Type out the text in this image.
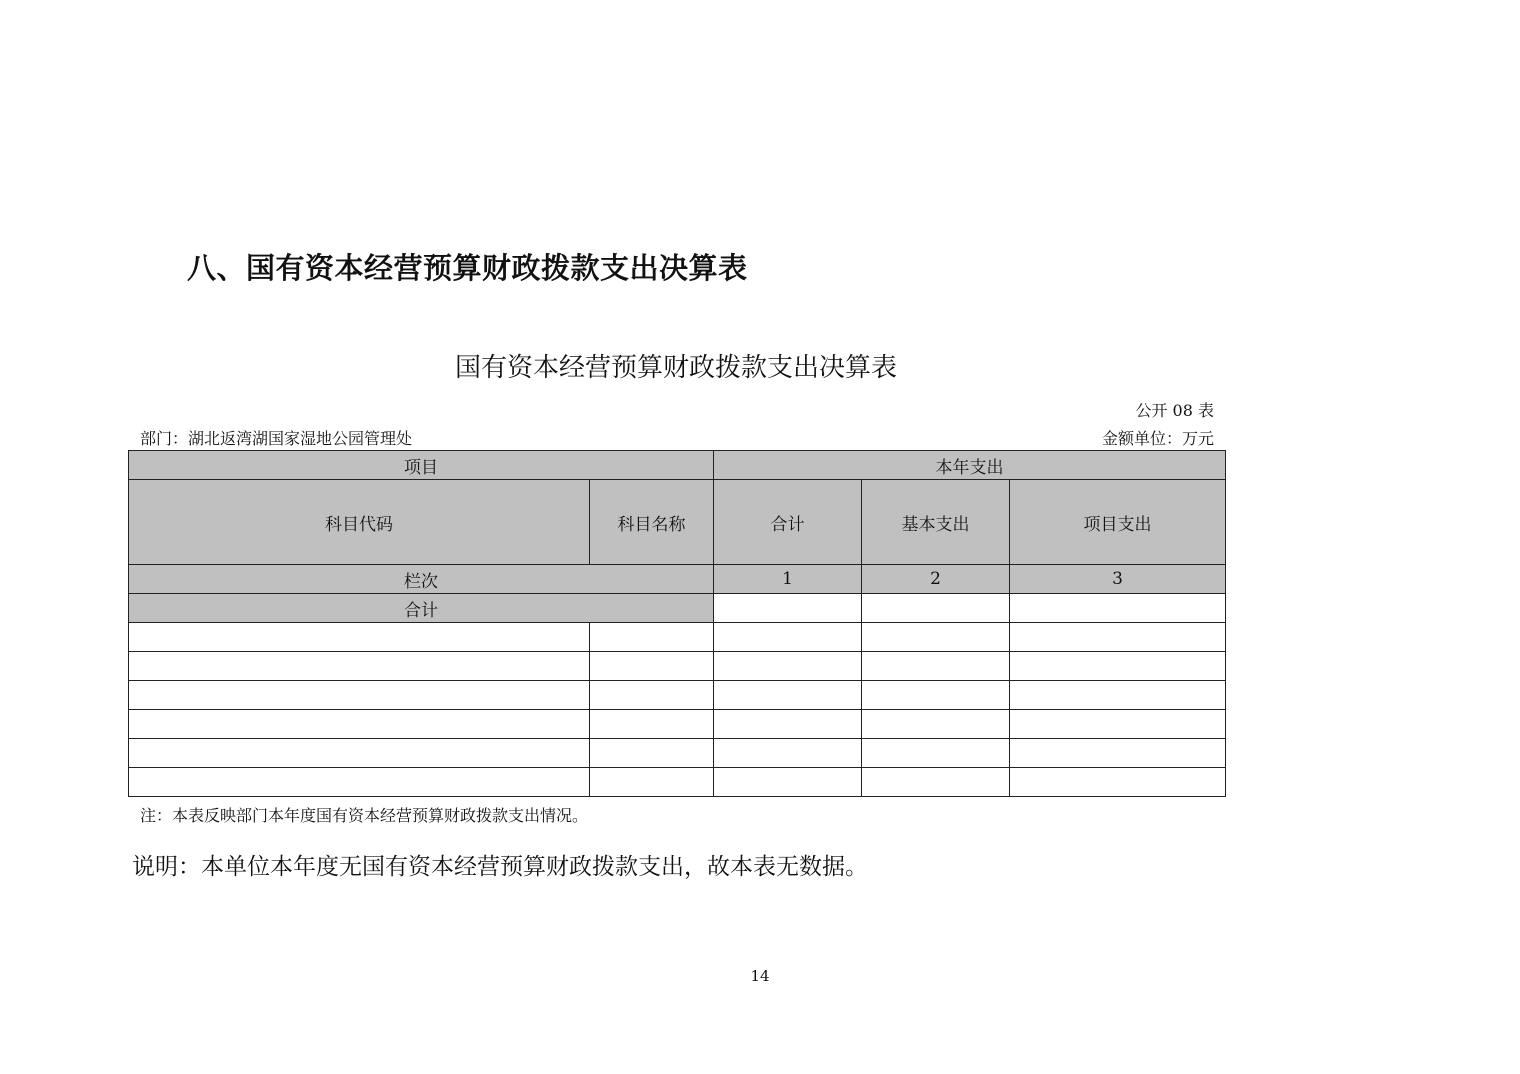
八、国有资本经营预算财政拨款支出决算表
国有资本经营预算财政拨款支出决算表
公开 08 表
部门：湖北返湾湖国家湿地公园管理处	金额单位：万元
项目		本年支出		
科目代码	科目名称	合计	基本支出	项目支出
栏次		1	2	3
合计				

注：本表反映部门本年度国有资本经营预算财政拨款支出情况。
说明：本单位本年度无国有资本经营预算财政拨款支出，故本表无数据。
14
